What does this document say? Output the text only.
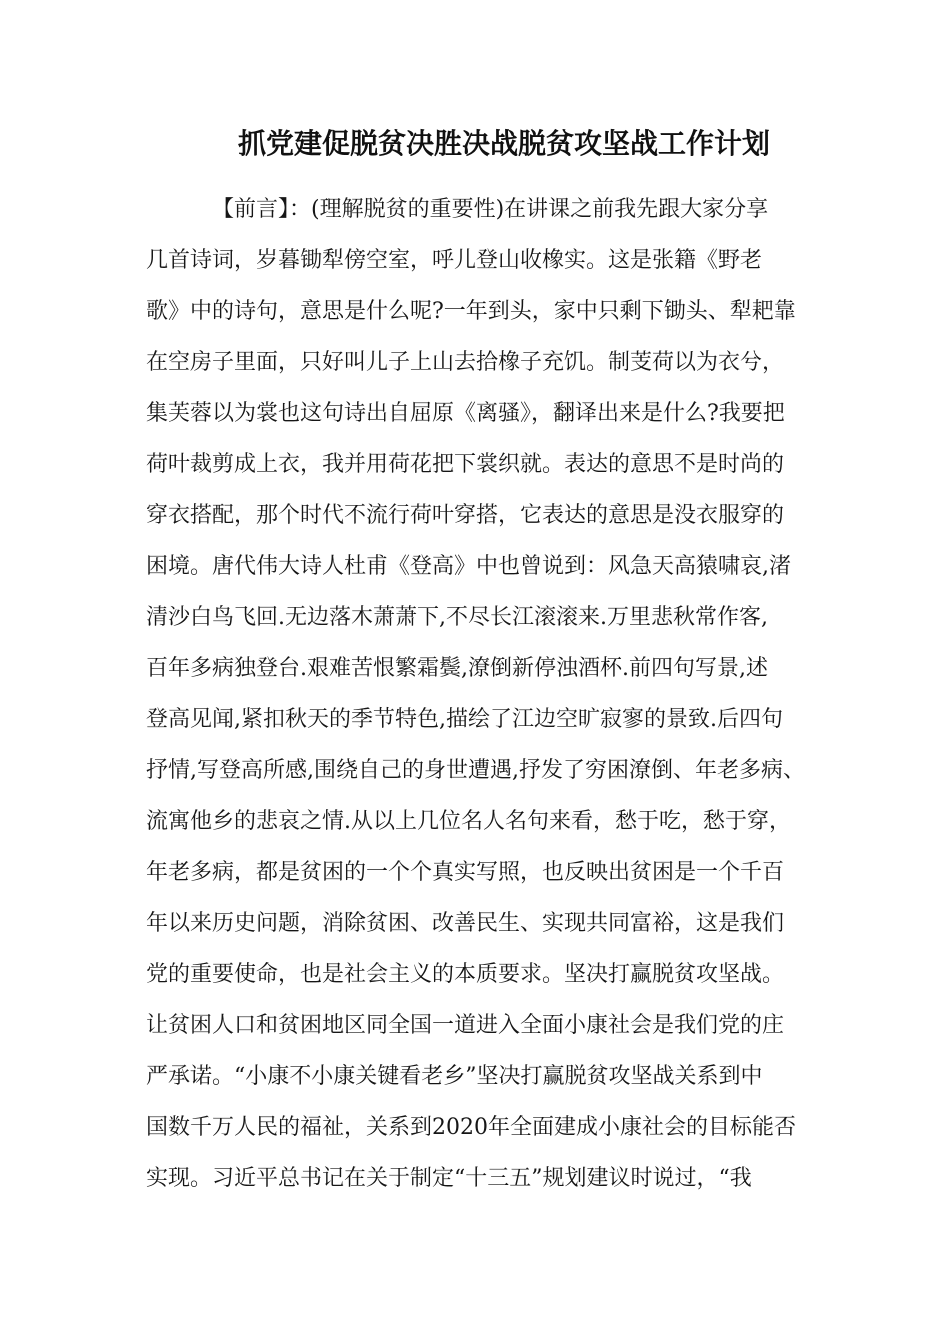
抓党建促脱贫决胜决战脱贫攻坚战工作计划
【前言】：(理解脱贫的重要性)在讲课之前我先跟大家分享
几首诗词，岁暮锄犁傍空室，呼儿登山收橡实。这是张籍《野老
歌》中的诗句，意思是什么呢?一年到头，家中只剩下锄头、犁耙靠
在空房子里面，只好叫儿子上山去拾橡子充饥。制芰荷以为衣兮，
集芙蓉以为裳也这句诗出自屈原《离骚》，翻译出来是什么?我要把
荷叶裁剪成上衣，我并用荷花把下裳织就。表达的意思不是时尚的
穿衣搭配，那个时代不流行荷叶穿搭，它表达的意思是没衣服穿的
困境。唐代伟大诗人杜甫《登高》中也曾说到：风急天高猿啸哀,渚
清沙白鸟飞回.无边落木萧萧下,不尽长江滚滚来.万里悲秋常作客,
百年多病独登台.艰难苦恨繁霜鬓,潦倒新停浊酒杯.前四句写景,述
登高见闻,紧扣秋天的季节特色,描绘了江边空旷寂寥的景致.后四句
抒情,写登高所感,围绕自己的身世遭遇,抒发了穷困潦倒、年老多病、
流寓他乡的悲哀之情.从以上几位名人名句来看，愁于吃，愁于穿，
年老多病，都是贫困的一个个真实写照，也反映出贫困是一个千百
年以来历史问题，消除贫困、改善民生、实现共同富裕，这是我们
党的重要使命，也是社会主义的本质要求。坚决打赢脱贫攻坚战。
让贫困人口和贫困地区同全国一道进入全面小康社会是我们党的庄
严承诺。“小康不小康关键看老乡”坚决打赢脱贫攻坚战关系到中
国数千万人民的福祉，关系到2020年全面建成小康社会的目标能否
实现。习近平总书记在关于制定“十三五”规划建议时说过，“我
